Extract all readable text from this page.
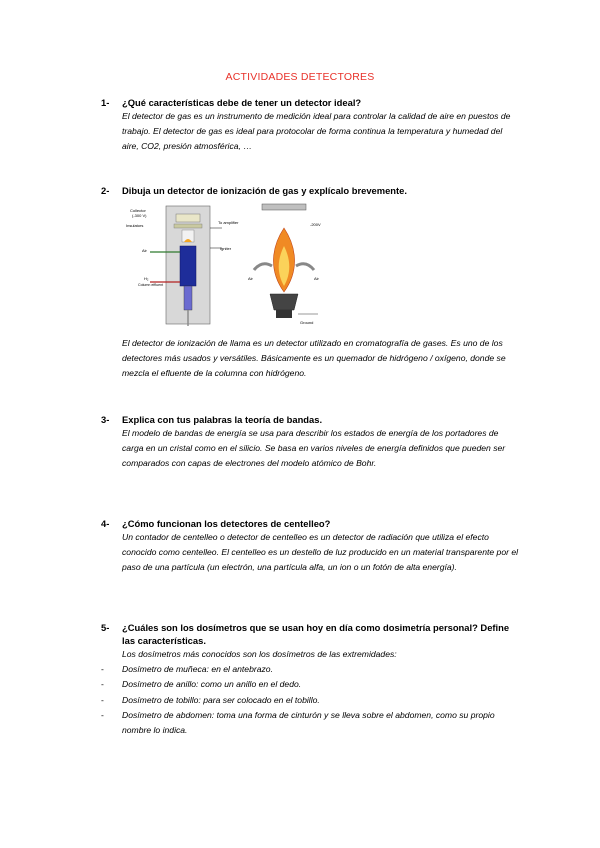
ACTIVIDADES DETECTORES
1-	¿Qué características debe de tener un detector ideal?
El detector de gas es un instrumento de medición ideal para controlar la calidad de aire en puestos de trabajo. El detector de gas es ideal para protocolar de forma continua la temperatura y humedad del aire, CO2, presión atmosférica, …
2-	Dibuja un detector de ionización de gas y explícalo brevemente.
Collector
(-300 V)
Insulators
To amplifier
Igniter
Air
H₂
Column effluent
-200V
Air	Air
Ground
El detector de ionización de llama es un detector utilizado en cromatografía de gases. Es uno de los detectores más usados y versátiles. Básicamente es un quemador de hidrógeno / oxígeno, donde se mezcla el efluente de la columna con hidrógeno.
3-	Explica con tus palabras la teoría de bandas.
El modelo de bandas de energía se usa para describir los estados de energía de los portadores de carga en un cristal como en el silicio. Se basa en varios niveles de energía definidos que pueden ser comparados con capas de electrones del modelo atómico de Bohr.
4-	¿Cómo funcionan los detectores de centelleo?
Un contador de centelleo o detector de centelleo es un detector de radiación que utiliza el efecto conocido como centelleo. El centelleo es un destello de luz producido en un material transparente por el paso de una partícula (un electrón, una partícula alfa, un ion o un fotón de alta energía).
5-	¿Cuáles son los dosímetros que se usan hoy en día como dosimetría personal? Define las características.
Los dosímetros más conocidos son los dosímetros de las extremidades:
-	Dosímetro de muñeca: en el antebrazo.
-	Dosímetro de anillo: como un anillo en el dedo.
-	Dosímetro de tobillo: para ser colocado en el tobillo.
-	Dosímetro de abdomen: toma una forma de cinturón y se lleva sobre el abdomen, como su propio nombre lo indica.
